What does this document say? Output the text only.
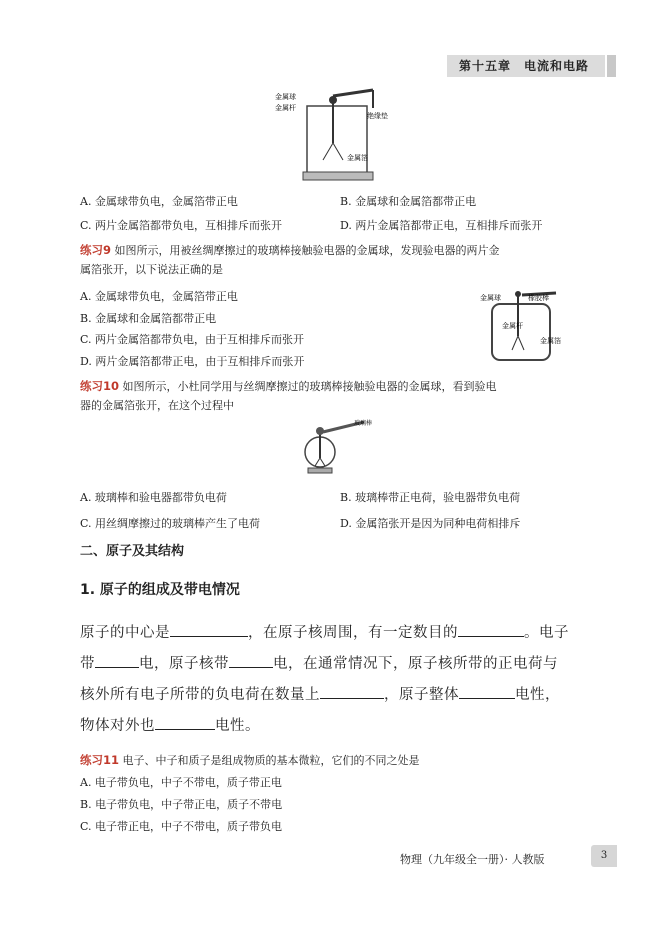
第十五章　电流和电路
金属球
金属杆
绝缘垫
金属箔
A. 金属球带负电，金属箔带正电	B. 金属球和金属箔都带正电
C. 两片金属箔都带负电，互相排斥而张开	D. 两片金属箔都带正电，互相排斥而张开
练习9 如图所示，用被丝绸摩擦过的玻璃棒接触验电器的金属球，发现验电器的两片金
属箔张开，以下说法正确的是
A. 金属球带负电，金属箔带正电
B. 金属球和金属箔都带正电
C. 两片金属箔都带负电，由于互相排斥而张开
D. 两片金属箔都带正电，由于互相排斥而张开
金属球	橡胶棒
金属杆
金属箔
练习10 如图所示，小杜同学用与丝绸摩擦过的玻璃棒接触验电器的金属球，看到验电
器的金属箔张开，在这个过程中
玻璃棒
A. 玻璃棒和验电器都带负电荷	B. 玻璃棒带正电荷，验电器带负电荷
C. 用丝绸摩擦过的玻璃棒产生了电荷	D. 金属箔张开是因为同种电荷相排斥
二、原子及其结构
1. 原子的组成及带电情况
原子的中心是	，在原子核周围，有一定数目的	。电子
带	电，原子核带	电，在通常情况下，原子核所带的正电荷与
核外所有电子所带的负电荷在数量上	，原子整体	电性，
物体对外也	电性。
练习11 电子、中子和质子是组成物质的基本微粒，它们的不同之处是
A. 电子带负电，中子不带电，质子带正电
B. 电子带负电，中子带正电，质子不带电
C. 电子带正电，中子不带电，质子带负电
物理（九年级全一册）· 人教版	3
